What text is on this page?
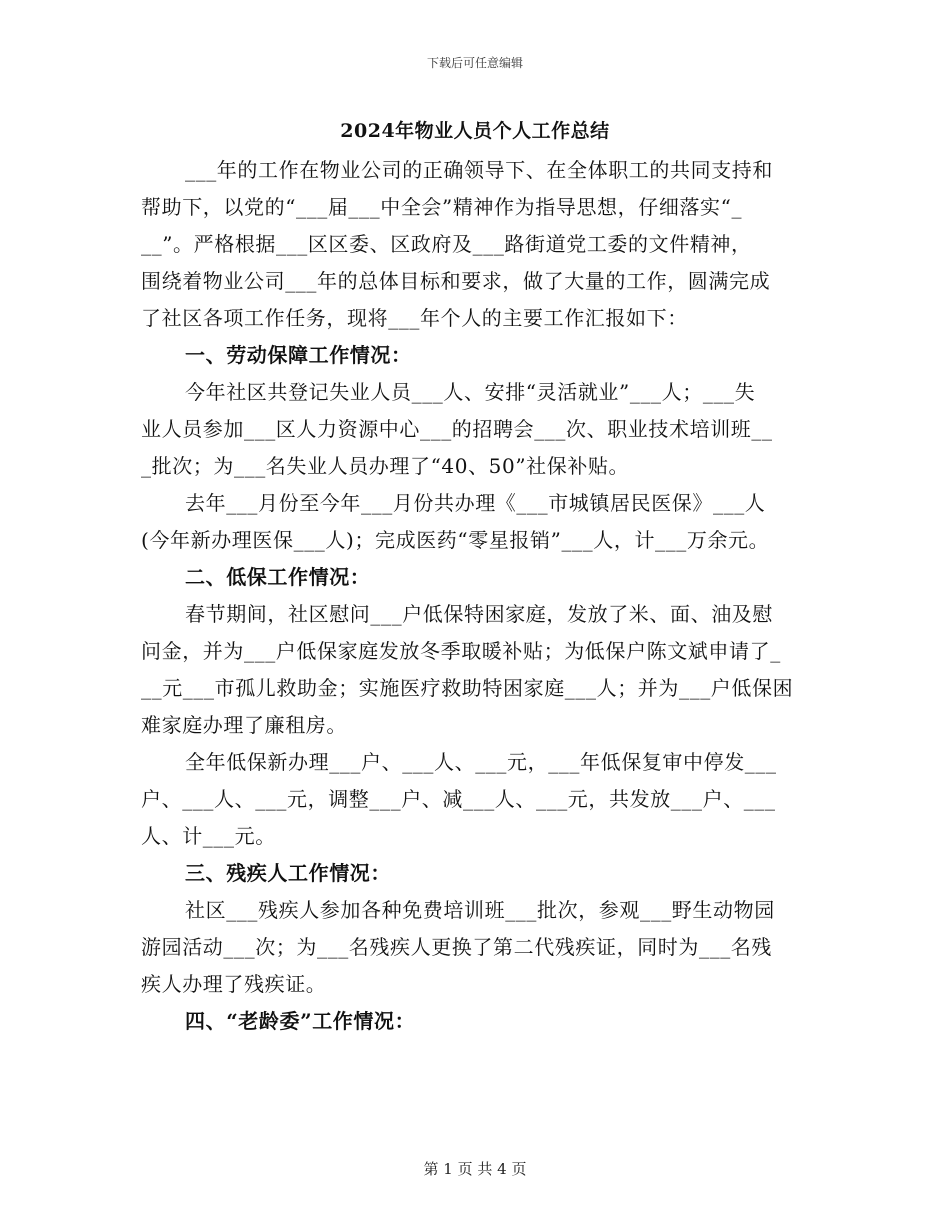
下载后可任意编辑
2024年物业人员个人工作总结
___年的工作在物业公司的正确领导下、在全体职工的共同支持和
帮助下，以党的“___届___中全会”精神作为指导思想，仔细落实“_
__”。严格根据___区区委、区政府及___路街道党工委的文件精神，
围绕着物业公司___年的总体目标和要求，做了大量的工作，圆满完成
了社区各项工作任务，现将___年个人的主要工作汇报如下：
一、劳动保障工作情况：
今年社区共登记失业人员___人、安排“灵活就业”___人；___失
业人员参加___区人力资源中心___的招聘会___次、职业技术培训班__
_批次；为___名失业人员办理了“40、50”社保补贴。
去年___月份至今年___月份共办理《___市城镇居民医保》___人
(今年新办理医保___人)；完成医药“零星报销”___人，计___万余元。
二、低保工作情况：
春节期间，社区慰问___户低保特困家庭，发放了米、面、油及慰
问金，并为___户低保家庭发放冬季取暖补贴；为低保户陈文斌申请了_
__元___市孤儿救助金；实施医疗救助特困家庭___人；并为___户低保困
难家庭办理了廉租房。
全年低保新办理___户、___人、___元，___年低保复审中停发___
户、___人、___元，调整___户、减___人、___元，共发放___户、___
人、计___元。
三、残疾人工作情况：
社区___残疾人参加各种免费培训班___批次，参观___野生动物园
游园活动___次；为___名残疾人更换了第二代残疾证，同时为___名残
疾人办理了残疾证。
四、“老龄委”工作情况：
第 1 页 共 4 页
